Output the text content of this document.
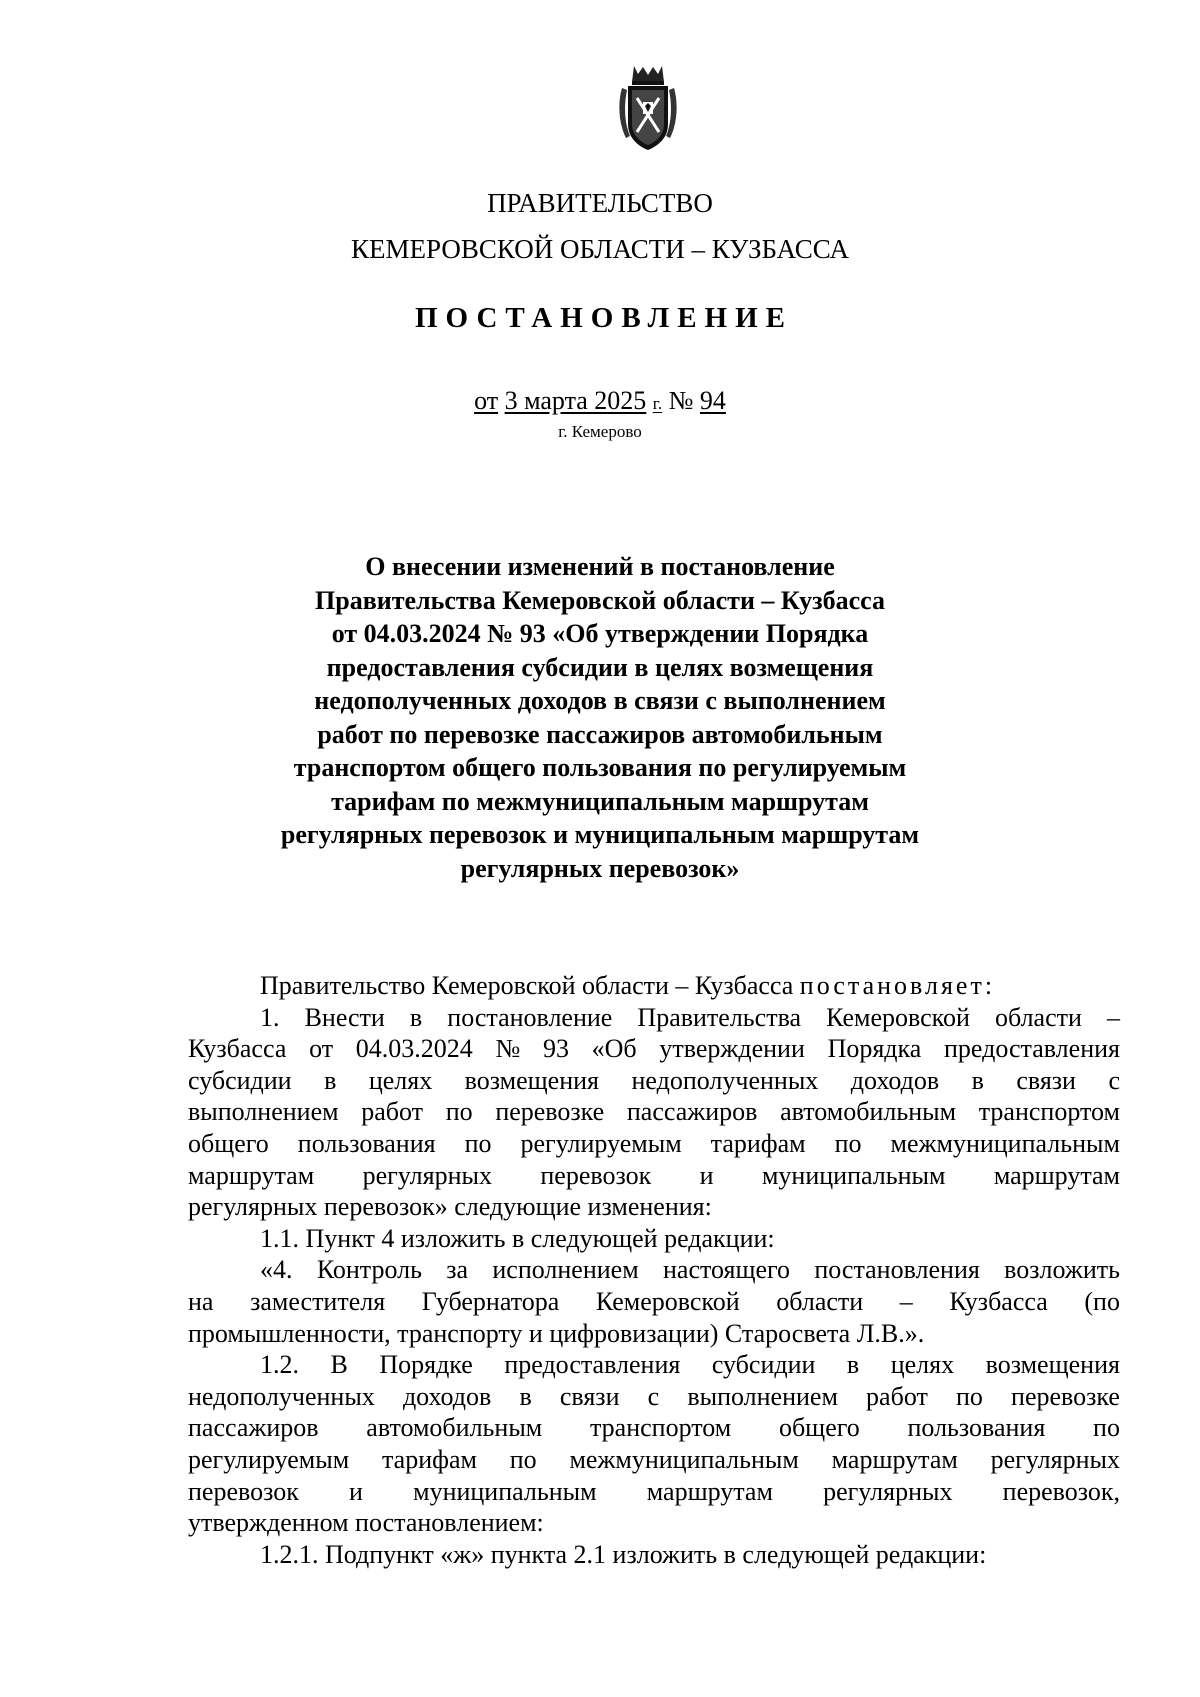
ПРАВИТЕЛЬСТВО
КЕМЕРОВСКОЙ ОБЛАСТИ – КУЗБАССА
ПОСТАНОВЛЕНИЕ
от 3 марта 2025 г. № 94
г. Кемерово
О внесении изменений в постановление
Правительства Кемеровской области – Кузбасса
от 04.03.2024 № 93 «Об утверждении Порядка
предоставления субсидии в целях возмещения
недополученных доходов в связи с выполнением
работ по перевозке пассажиров автомобильным
транспортом общего пользования по регулируемым
тарифам по межмуниципальным маршрутам
регулярных перевозок и муниципальным маршрутам
регулярных перевозок»
Правительство Кемеровской области – Кузбасса постановляет:
1. Внести в постановление Правительства Кемеровской области –
Кузбасса от 04.03.2024 № 93 «Об утверждении Порядка предоставления
субсидии в целях возмещения недополученных доходов в связи с
выполнением работ по перевозке пассажиров автомобильным транспортом
общего пользования по регулируемым тарифам по межмуниципальным
маршрутам регулярных перевозок и муниципальным маршрутам
регулярных перевозок» следующие изменения:
1.1. Пункт 4 изложить в следующей редакции:
«4. Контроль за исполнением настоящего постановления возложить
на заместителя Губернатора Кемеровской области – Кузбасса (по
промышленности, транспорту и цифровизации) Старосвета Л.В.».
1.2. В Порядке предоставления субсидии в целях возмещения
недополученных доходов в связи с выполнением работ по перевозке
пассажиров автомобильным транспортом общего пользования по
регулируемым тарифам по межмуниципальным маршрутам регулярных
перевозок и муниципальным маршрутам регулярных перевозок,
утвержденном постановлением:
1.2.1. Подпункт «ж» пункта 2.1 изложить в следующей редакции:
